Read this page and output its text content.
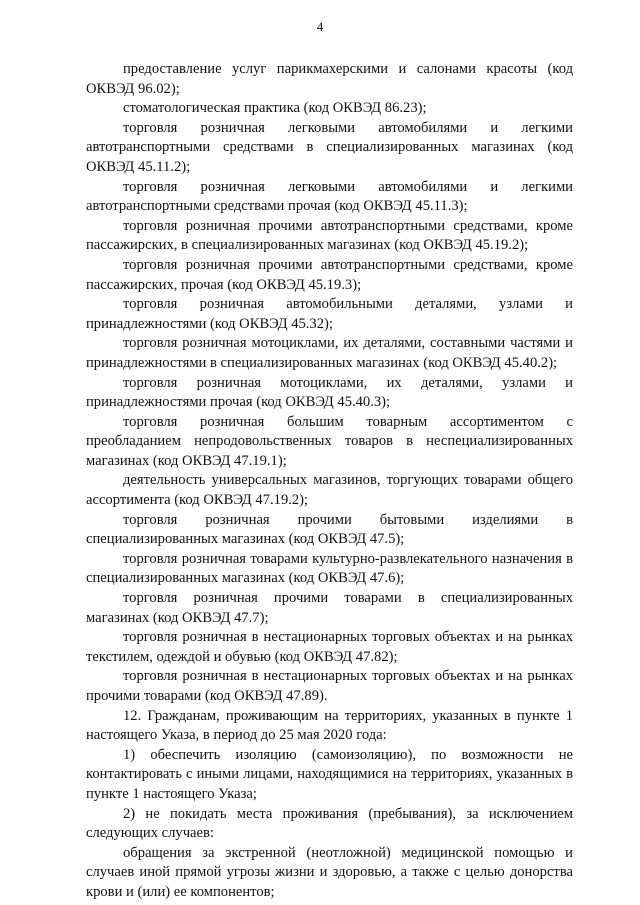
4

предоставление услуг парикмахерскими и салонами красоты (код ОКВЭД 96.02);

стоматологическая практика (код ОКВЭД 86.23);

торговля розничная легковыми автомобилями и легкими автотранспортными средствами в специализированных магазинах (код ОКВЭД 45.11.2);

торговля розничная легковыми автомобилями и легкими автотранспортными средствами прочая (код ОКВЭД 45.11.3);

торговля розничная прочими автотранспортными средствами, кроме пассажирских, в специализированных магазинах (код ОКВЭД 45.19.2);

торговля розничная прочими автотранспортными средствами, кроме пассажирских, прочая (код ОКВЭД 45.19.3);

торговля розничная автомобильными деталями, узлами и принадлежностями (код ОКВЭД 45.32);

торговля розничная мотоциклами, их деталями, составными частями и принадлежностями в специализированных магазинах (код ОКВЭД 45.40.2);

торговля розничная мотоциклами, их деталями, узлами и принадлежностями прочая (код ОКВЭД 45.40.3);

торговля розничная большим товарным ассортиментом с преобладанием непродовольственных товаров в неспециализированных магазинах (код ОКВЭД 47.19.1);

деятельность универсальных магазинов, торгующих товарами общего ассортимента (код ОКВЭД 47.19.2);

торговля розничная прочими бытовыми изделиями в специализированных магазинах (код ОКВЭД 47.5);

торговля розничная товарами культурно-развлекательного назначения в специализированных магазинах (код ОКВЭД 47.6);

торговля розничная прочими товарами в специализированных магазинах (код ОКВЭД 47.7);

торговля розничная в нестационарных торговых объектах и на рынках текстилем, одеждой и обувью (код ОКВЭД 47.82);

торговля розничная в нестационарных торговых объектах и на рынках прочими товарами (код ОКВЭД 47.89).

12. Гражданам, проживающим на территориях, указанных в пункте 1 настоящего Указа, в период до 25 мая 2020 года:

1) обеспечить изоляцию (самоизоляцию), по возможности не контактировать с иными лицами, находящимися на территориях, указанных в пункте 1 настоящего Указа;

2) не покидать места проживания (пребывания), за исключением следующих случаев:

обращения за экстренной (неотложной) медицинской помощью и случаев иной прямой угрозы жизни и здоровью, а также с целью донорства крови и (или) ее компонентов;
